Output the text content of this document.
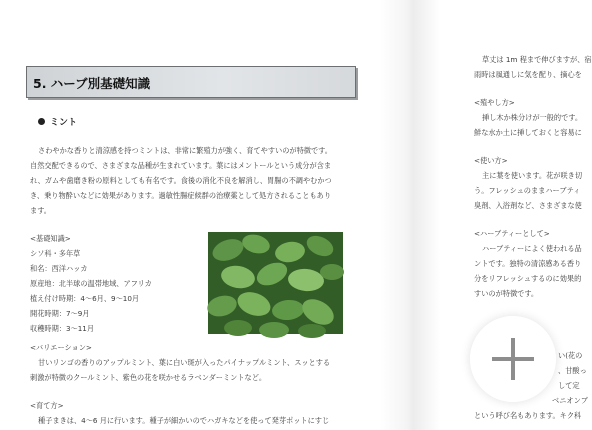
5. ハーブ別基礎知識
ミント
さわやかな香りと清涼感を持つミントは、非常に繁殖力が強く、育てやすいのが特徴です。
自然交配できるので、さまざまな品種が生まれています。葉にはメントールという成分が含ま
れ、ガムや歯磨き粉の原料としても有名です。食後の消化不良を解消し、胃腸の不調やむかつ
き、乗り物酔いなどに効果があります。過敏性腸症候群の治療薬として処方されることもあり
ます。
<基礎知識>
シソ科・多年草
和名：西洋ハッカ
原産地：北半球の温帯地域、アフリカ
植え付け時期：4～6月、9～10月
開花時期：7～9月
収穫時期：3～11月
<バリエーション>
甘いリンゴの香りのアップルミント、葉に白い斑が入ったパイナップルミント、スッとする
刺激が特徴のクールミント、紫色の花を咲かせるラベンダーミントなど。
<育て方>
種子まきは、4～6 月に行います。種子が細かいのでハガキなどを使って発芽ポットにすじ
草丈は 1m 程まで伸びますが、宿
雨時は風通しに気を配り、摘心を
<殖やし方>
挿し木か株分けが一般的です。
鮮な水か土に挿しておくと容易に
<使い方>
主に葉を使います。花が咲き切
う。フレッシュのままハーブティ
臭剤、入浴剤など、さまざまな使
<ハーブティーとして>
ハーブティーによく使われる品
ントです。独特の清涼感ある香り
分をリフレッシュするのに効果的
すいのが特徴です。
い(花の
、甘酸っ
して定
ベニオンブ
という呼び名もあります。キク科
